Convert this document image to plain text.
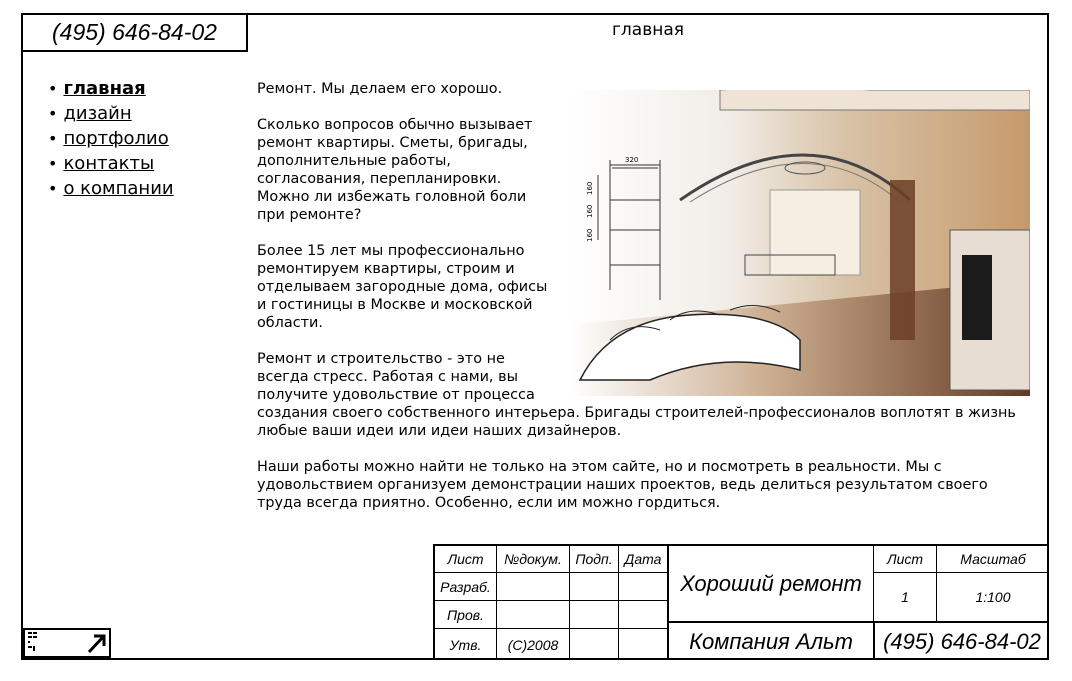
(495) 646-84-02	главная
• главная
• дизайн
• портфолио
• контакты
• о компании
320
160
160
160

Ремонт. Мы делаем его хорошо.

Сколько вопросов обычно вызывает ремонт квартиры. Сметы, бригады, дополнительные работы, согласования, перепланировки. Можно ли избежать головной боли при ремонте?

Более 15 лет мы профессионально ремонтируем квартиры, строим и отделываем загородные дома, офисы и гостиницы в Москве и московской области.

Ремонт и строительство - это не всегда стресс. Работая с нами, вы получите удовольствие от процесса создания своего собственного интерьера. Бригады строителей-профессионалов воплотят в жизнь любые ваши идеи или идеи наших дизайнеров.

Наши работы можно найти не только на этом сайте, но и посмотреть в реальности. Мы с удовольствием организуем демонстрации наших проектов, ведь делиться результатом своего труда всегда приятно. Особенно, если им можно гордиться.

Лист	№докум. Подп. Дата
Разраб.
Пров.
Утв.	(C)2008
Хороший ремонт
Лист	Масштаб
1	1:100
Компания Альт	(495) 646-84-02
